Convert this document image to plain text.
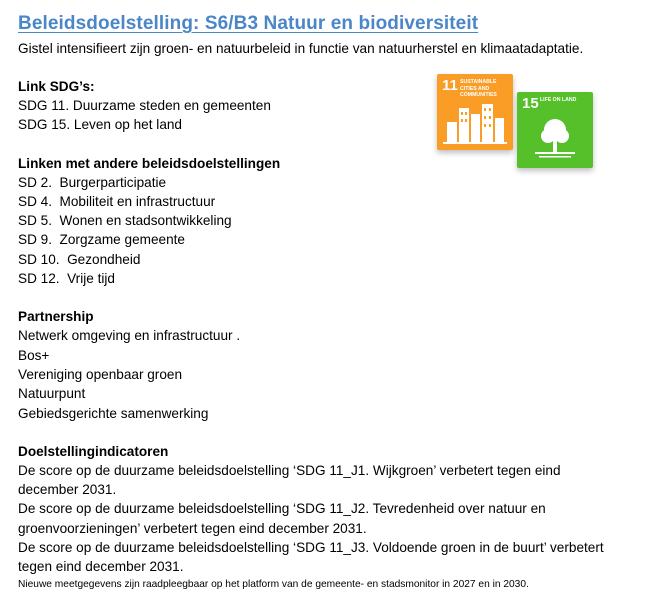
Beleidsdoelstelling: S6/B3 Natuur en biodiversiteit
Gistel intensifieert zijn groen- en natuurbeleid in functie van natuurherstel en klimaatadaptatie.
Link SDG’s:
SDG 11. Duurzame steden en gemeenten
SDG 15. Leven op het land
Linken met andere beleidsdoelstellingen
SD 2.  Burgerparticipatie
SD 4.  Mobiliteit en infrastructuur
SD 5.  Wonen en stadsontwikkeling
SD 9.  Zorgzame gemeente
SD 10.  Gezondheid
SD 12.  Vrije tijd
Partnership
Netwerk omgeving en infrastructuur .
Bos+
Vereniging openbaar groen
Natuurpunt
Gebiedsgerichte samenwerking
Doelstellingindicatoren
De score op de duurzame beleidsdoelstelling ‘SDG 11_J1. Wijkgroen’ verbetert tegen eind december 2031.
De score op de duurzame beleidsdoelstelling ‘SDG 11_J2. Tevredenheid over natuur en groenvoorzieningen’ verbetert tegen eind december 2031.
De score op de duurzame beleidsdoelstelling ‘SDG 11_J3. Voldoende groen in de buurt’ verbetert tegen eind december 2031.
Nieuwe meetgegevens zijn raadpleegbaar op het platform van de gemeente- en stadsmonitor in 2027 en in 2030.
11 SUSTAINABLE CITIES AND COMMUNITIES	15 LIFE ON LAND
